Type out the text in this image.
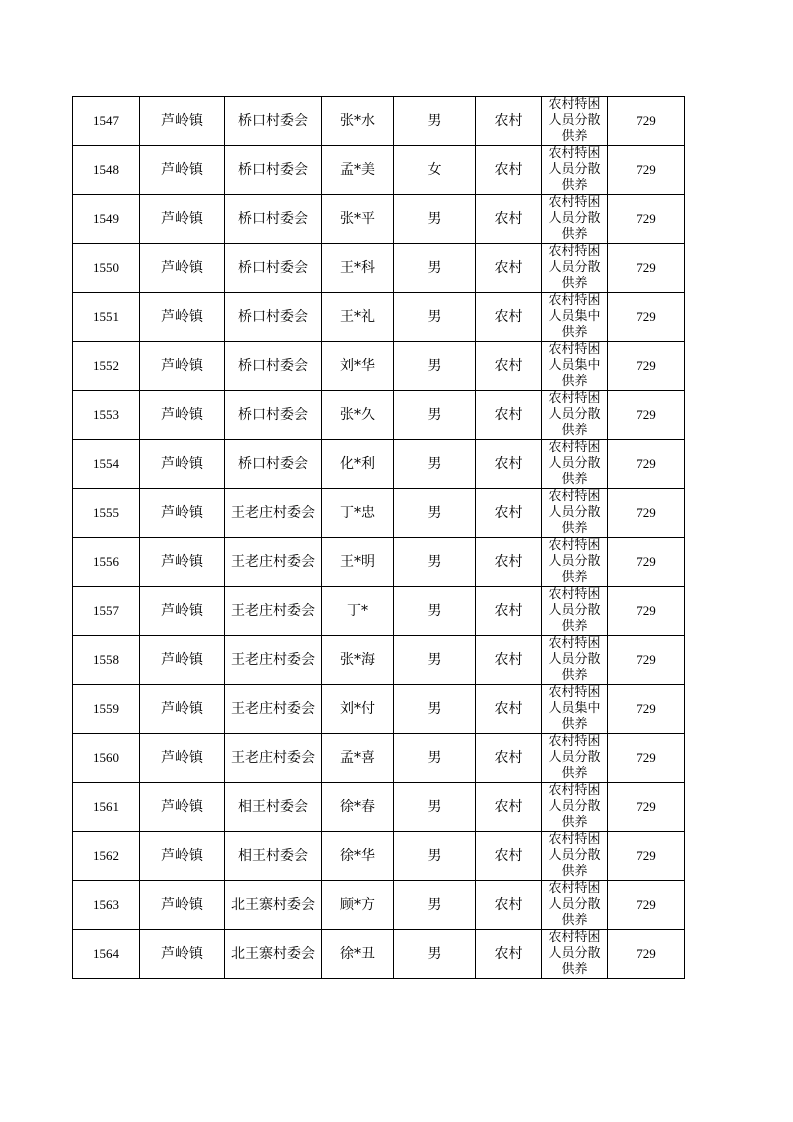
1547	芦岭镇	桥口村委会	张*水	男	农村	农村特困人员分散供养	729
1548	芦岭镇	桥口村委会	孟*美	女	农村	农村特困人员分散供养	729
1549	芦岭镇	桥口村委会	张*平	男	农村	农村特困人员分散供养	729
1550	芦岭镇	桥口村委会	王*科	男	农村	农村特困人员分散供养	729
1551	芦岭镇	桥口村委会	王*礼	男	农村	农村特困人员集中供养	729
1552	芦岭镇	桥口村委会	刘*华	男	农村	农村特困人员集中供养	729
1553	芦岭镇	桥口村委会	张*久	男	农村	农村特困人员分散供养	729
1554	芦岭镇	桥口村委会	化*利	男	农村	农村特困人员分散供养	729
1555	芦岭镇	王老庄村委会	丁*忠	男	农村	农村特困人员分散供养	729
1556	芦岭镇	王老庄村委会	王*明	男	农村	农村特困人员分散供养	729
1557	芦岭镇	王老庄村委会	丁*	男	农村	农村特困人员分散供养	729
1558	芦岭镇	王老庄村委会	张*海	男	农村	农村特困人员分散供养	729
1559	芦岭镇	王老庄村委会	刘*付	男	农村	农村特困人员集中供养	729
1560	芦岭镇	王老庄村委会	孟*喜	男	农村	农村特困人员分散供养	729
1561	芦岭镇	相王村委会	徐*春	男	农村	农村特困人员分散供养	729
1562	芦岭镇	相王村委会	徐*华	男	农村	农村特困人员分散供养	729
1563	芦岭镇	北王寨村委会	顾*方	男	农村	农村特困人员分散供养	729
1564	芦岭镇	北王寨村委会	徐*丑	男	农村	农村特困人员分散供养	729
